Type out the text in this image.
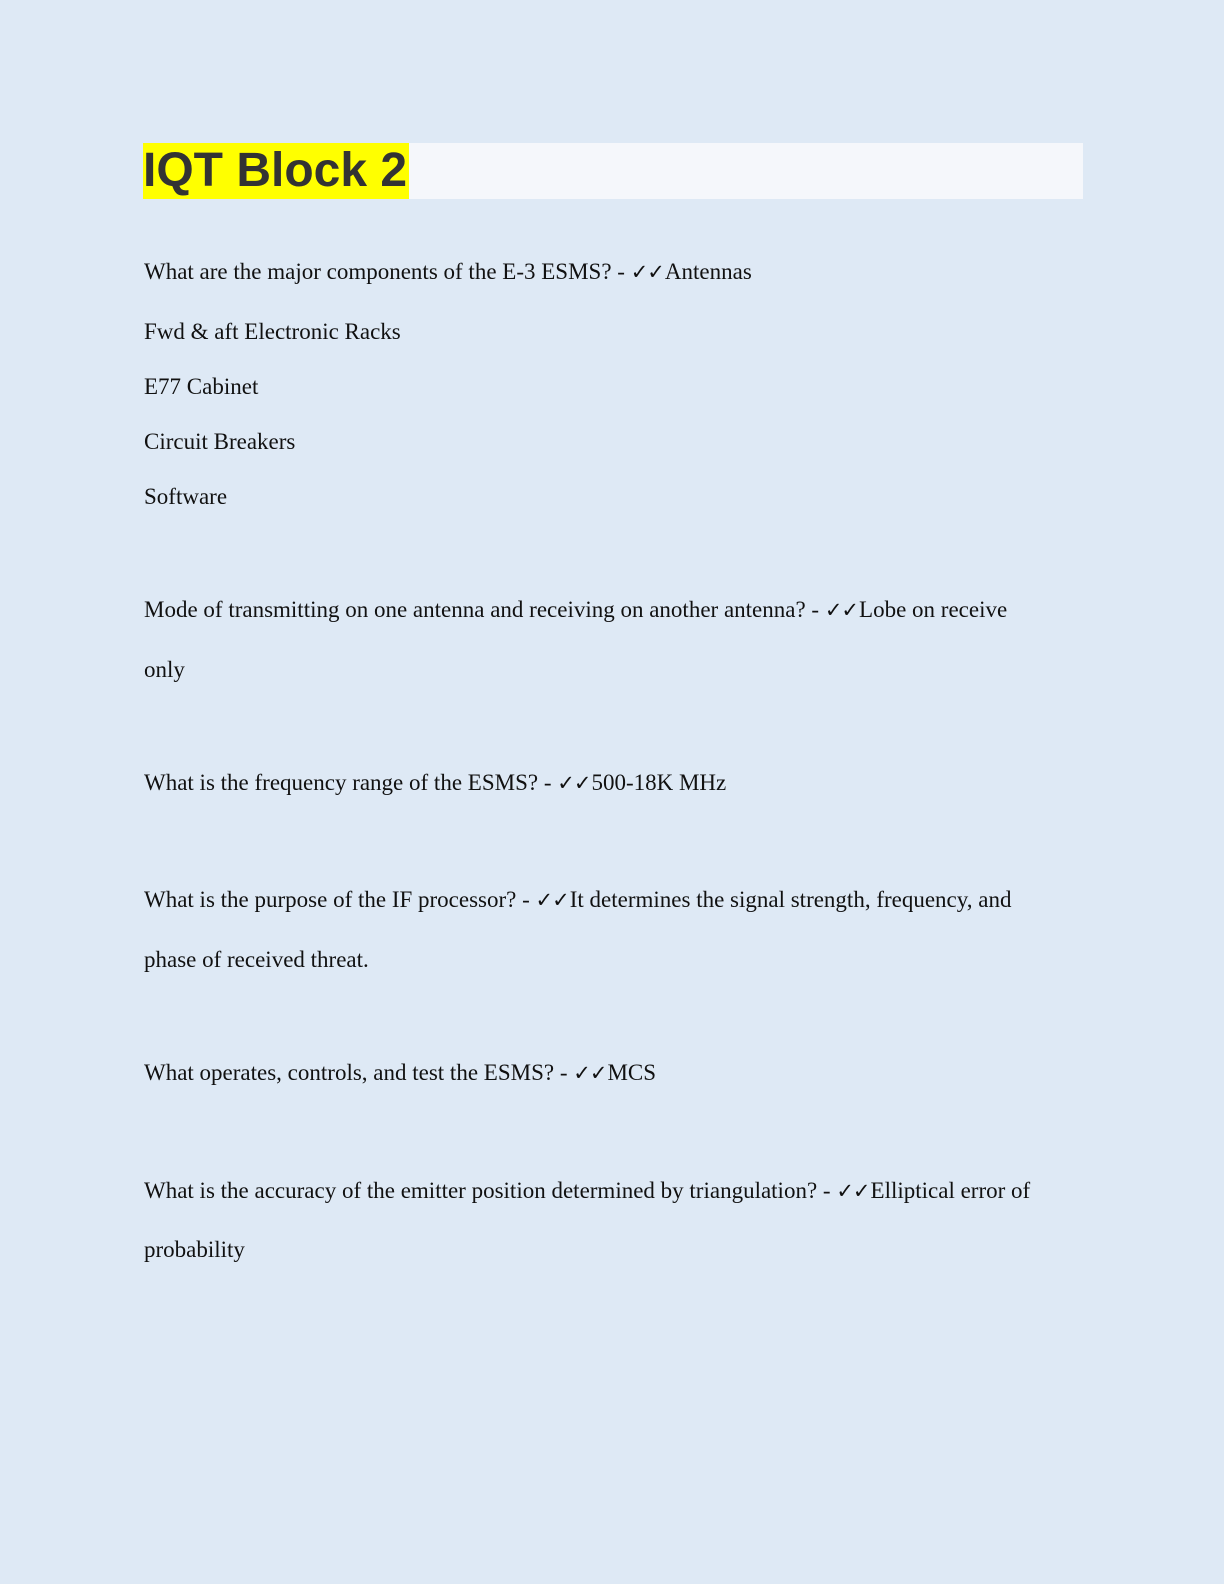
IQT Block 2
What are the major components of the E-3 ESMS? - ✓✓Antennas
Fwd & aft Electronic Racks
E77 Cabinet
Circuit Breakers
Software
Mode of transmitting on one antenna and receiving on another antenna? - ✓✓Lobe on receive
only
What is the frequency range of the ESMS? - ✓✓500-18K MHz
What is the purpose of the IF processor? - ✓✓It determines the signal strength, frequency, and
phase of received threat.
What operates, controls, and test the ESMS? - ✓✓MCS
What is the accuracy of the emitter position determined by triangulation? - ✓✓Elliptical error of
probability
